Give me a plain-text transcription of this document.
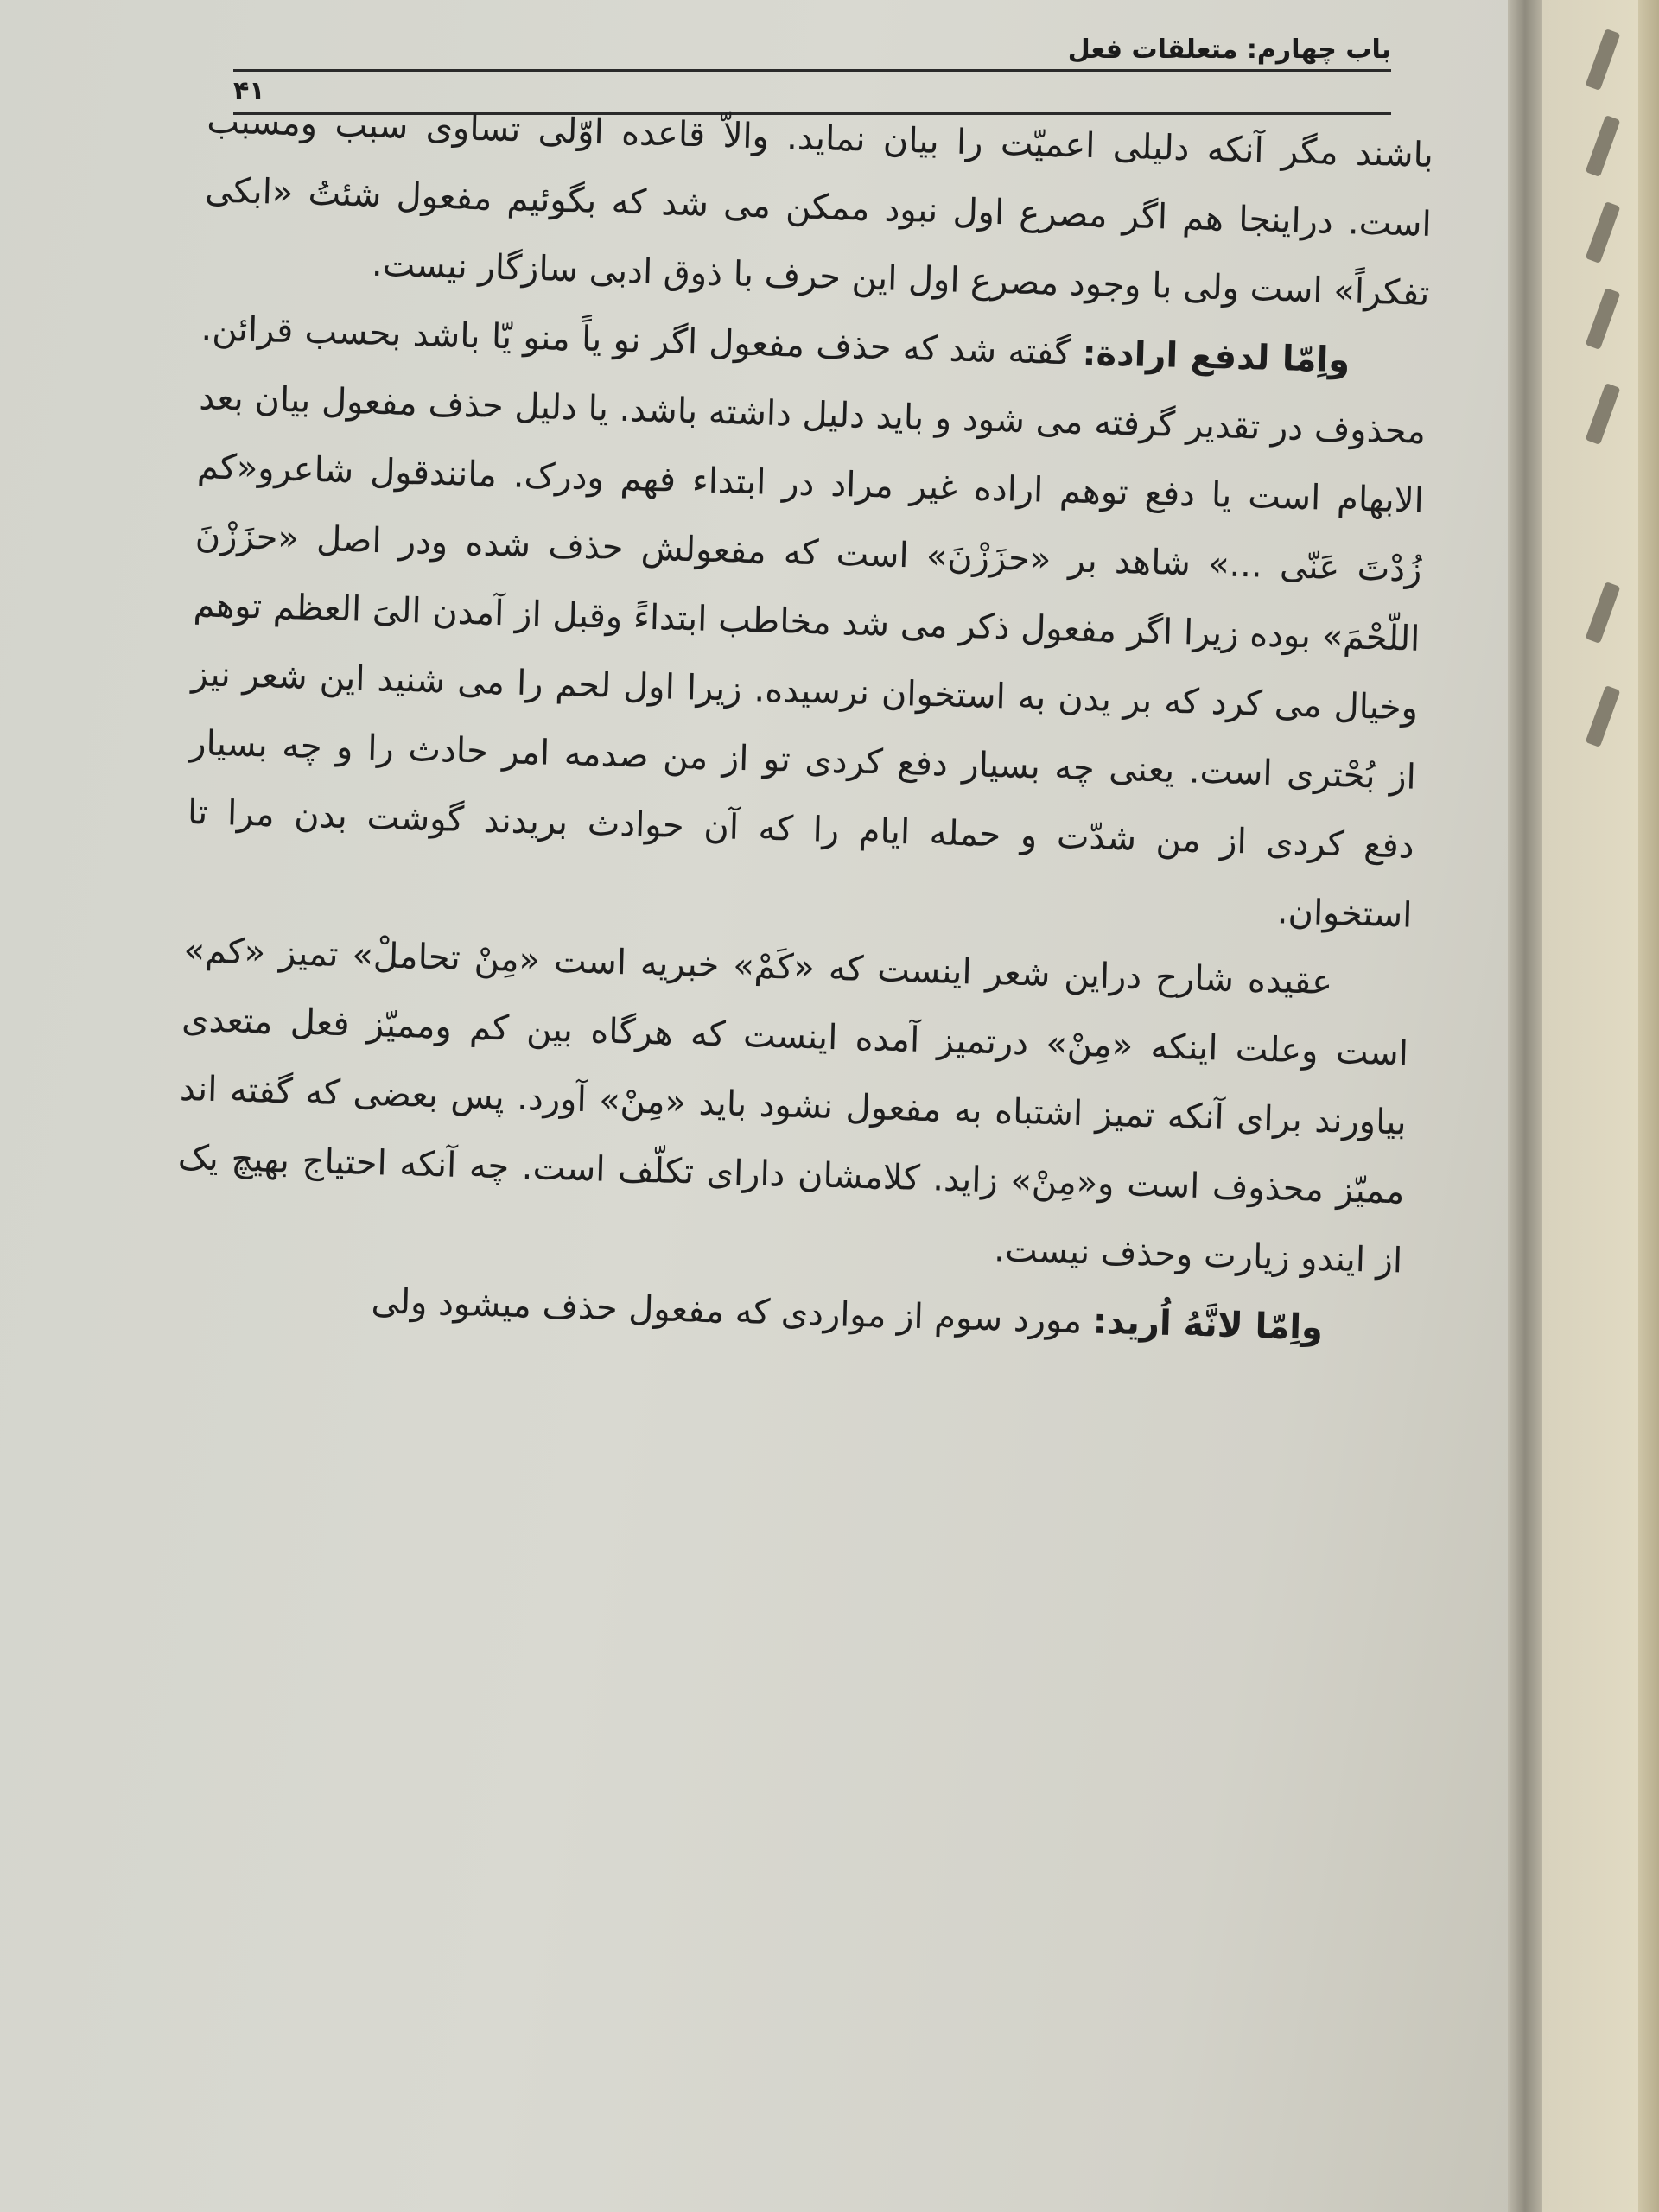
باب چهارم: متعلقات فعل
۴۱

باشند مگر آنکه دلیلی اعمیّت را بیان نماید. والاّ قاعده اوّلی تساوی سبب ومسبب است. دراینجا هم اگر مصرع اول نبود ممکن می شد که بگوئیم مفعول شئتُ «ابکی تفکراً» است ولی با وجود مصرع اول این حرف با ذوق ادبی سازگار نیست.

واِمّا لدفع ارادة: گفته شد که حذف مفعول اگر نو یاً منو یّا باشد بحسب قرائن. محذوف در تقدیر گرفته می شود و باید دلیل داشته باشد. یا دلیل حذف مفعول بیان بعد الابهام است یا دفع توهم اراده غیر مراد در ابتداء فهم ودرک. مانندقول شاعرو«کم زُدْتَ عَنّی ...» شاهد بر «حزَزْنَ» است که مفعولش حذف شده ودر اصل «حزَزْنَ اللّحْمَ» بوده زیرا اگر مفعول ذکر می شد مخاطب ابتداءً وقبل از آمدن الیَ العظم توهم وخیال می کرد که بر یدن به استخوان نرسیده. زیرا اول لحم را می شنید این شعر نیز از بُحْتری است. یعنی چه بسیار دفع کردی تو از من صدمه امر حادث را و چه بسیار دفع کردی از من شدّت و حمله ایام را که آن حوادث بریدند گوشت بدن مرا تا استخوان.

عقیده شارح دراین شعر اینست که «کَمْ» خبریه است «مِنْ تحاملْ» تمیز «کم» است وعلت اینکه «مِنْ» درتمیز آمده اینست که هرگاه بین کم وممیّز فعل متعدی بیاورند برای آنکه تمیز اشتباه به مفعول نشود باید «مِنْ» آورد. پس بعضی که گفته اند ممیّز محذوف است و«مِنْ» زاید. کلامشان دارای تکلّف است. چه آنکه احتیاج بهیچ یک از ایندو زیارت وحذف نیست.

واِمّا لانَّهُ اُرید: مورد سوم از مواردی که مفعول حذف میشود ولی
